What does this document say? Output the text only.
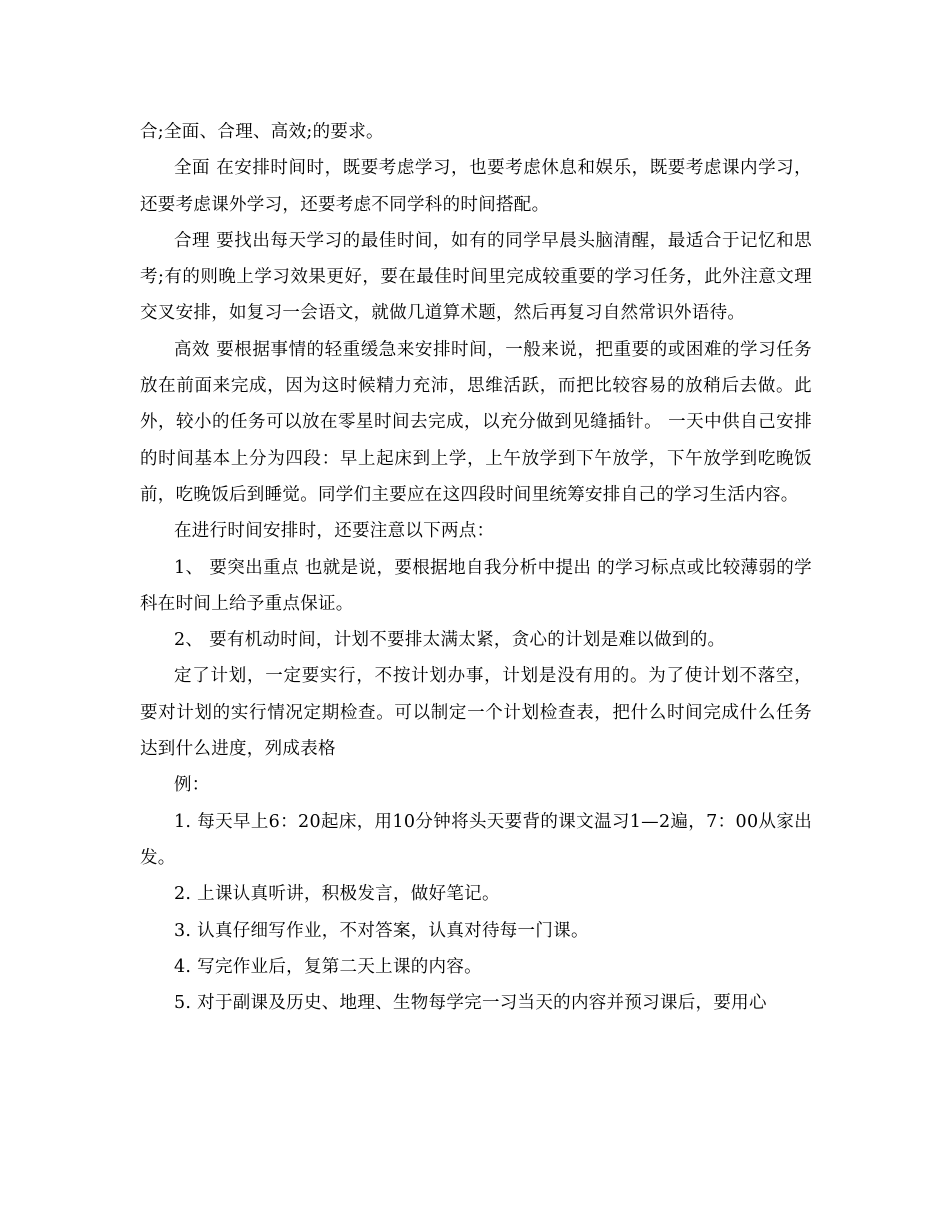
合;全面、合理、高效;的要求。

全面 在安排时间时，既要考虑学习，也要考虑休息和娱乐，既要考虑课内学习，还要考虑课外学习，还要考虑不同学科的时间搭配。

合理 要找出每天学习的最佳时间，如有的同学早晨头脑清醒，最适合于记忆和思考;有的则晚上学习效果更好，要在最佳时间里完成较重要的学习任务，此外注意文理交叉安排，如复习一会语文，就做几道算术题，然后再复习自然常识外语待。

高效 要根据事情的轻重缓急来安排时间，一般来说，把重要的或困难的学习任务放在前面来完成，因为这时候精力充沛，思维活跃，而把比较容易的放稍后去做。此外，较小的任务可以放在零星时间去完成，以充分做到见缝插针。 一天中供自己安排的时间基本上分为四段：早上起床到上学，上午放学到下午放学，下午放学到吃晚饭前，吃晚饭后到睡觉。同学们主要应在这四段时间里统筹安排自己的学习生活内容。

在进行时间安排时，还要注意以下两点：

1、 要突出重点 也就是说，要根据地自我分析中提出 的学习标点或比较薄弱的学科在时间上给予重点保证。

2、 要有机动时间，计划不要排太满太紧，贪心的计划是难以做到的。

定了计划，一定要实行，不按计划办事，计划是没有用的。为了使计划不落空，要对计划的实行情况定期检查。可以制定一个计划检查表，把什么时间完成什么任务达到什么进度，列成表格

例：

1. 每天早上6：20起床，用10分钟将头天要背的课文温习1—2遍，7：00从家出发。

2. 上课认真听讲，积极发言，做好笔记。

3. 认真仔细写作业，不对答案，认真对待每一门课。

4. 写完作业后，复第二天上课的内容。

5. 对于副课及历史、地理、生物每学完一习当天的内容并预习课后，要用心
